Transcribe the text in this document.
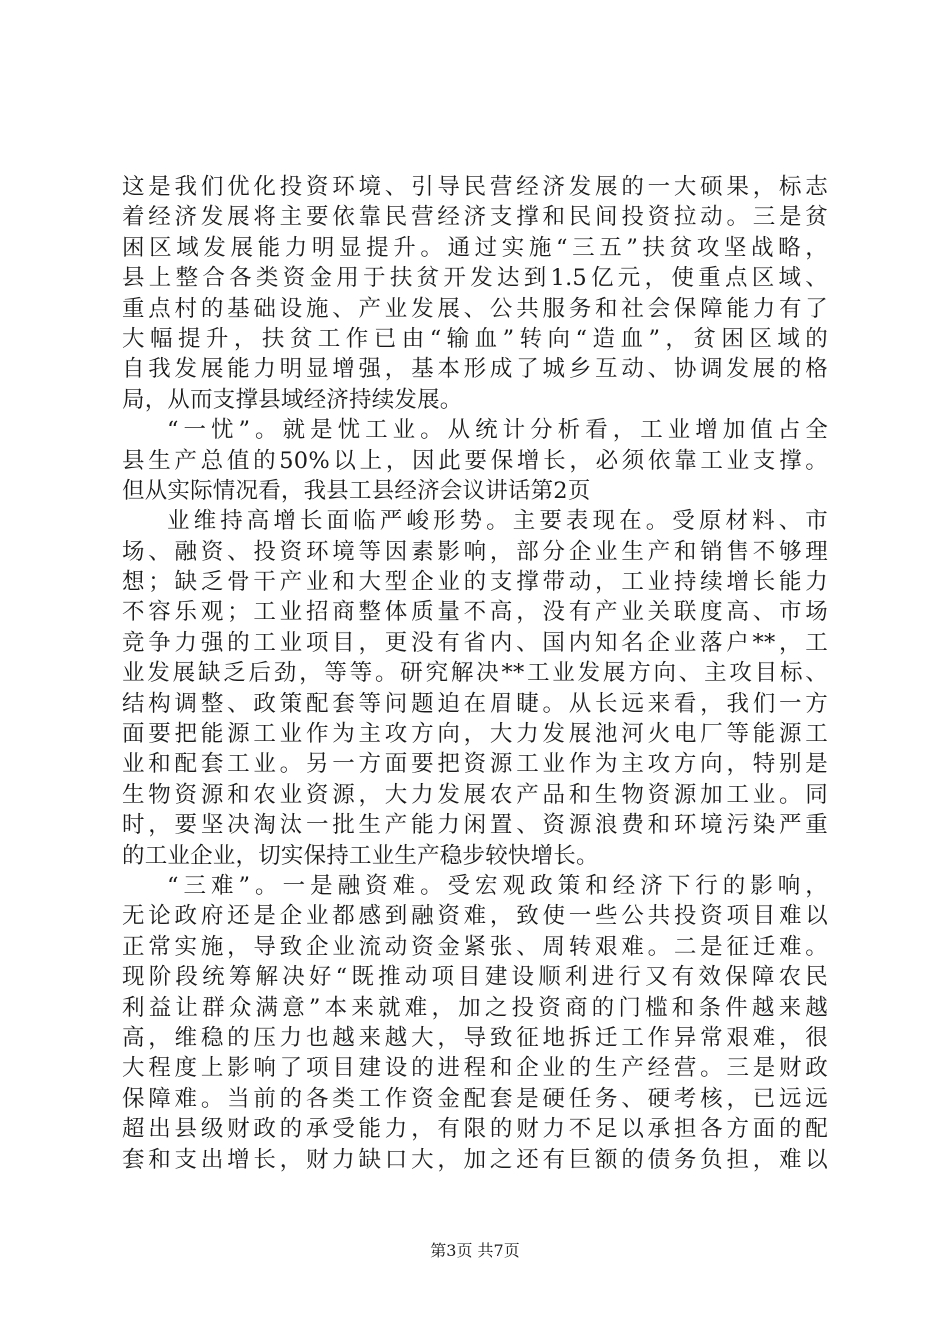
这是我们优化投资环境、引导民营经济发展的一大硕果，标志
着经济发展将主要依靠民营经济支撑和民间投资拉动。三是贫
困区域发展能力明显提升。通过实施“三五”扶贫攻坚战略，
县上整合各类资金用于扶贫开发达到1.5亿元，使重点区域、
重点村的基础设施、产业发展、公共服务和社会保障能力有了
大幅提升，扶贫工作已由“输血”转向“造血”，贫困区域的
自我发展能力明显增强，基本形成了城乡互动、协调发展的格
局，从而支撑县域经济持续发展。
“一忧”。就是忧工业。从统计分析看，工业增加值占全
县生产总值的50%以上，因此要保增长，必须依靠工业支撑。
但从实际情况看，我县工县经济会议讲话第2页
业维持高增长面临严峻形势。主要表现在。受原材料、市
场、融资、投资环境等因素影响，部分企业生产和销售不够理
想；缺乏骨干产业和大型企业的支撑带动，工业持续增长能力
不容乐观；工业招商整体质量不高，没有产业关联度高、市场
竞争力强的工业项目，更没有省内、国内知名企业落户**，工
业发展缺乏后劲，等等。研究解决**工业发展方向、主攻目标、
结构调整、政策配套等问题迫在眉睫。从长远来看，我们一方
面要把能源工业作为主攻方向，大力发展池河火电厂等能源工
业和配套工业。另一方面要把资源工业作为主攻方向，特别是
生物资源和农业资源，大力发展农产品和生物资源加工业。同
时，要坚决淘汰一批生产能力闲置、资源浪费和环境污染严重
的工业企业，切实保持工业生产稳步较快增长。
“三难”。一是融资难。受宏观政策和经济下行的影响，
无论政府还是企业都感到融资难，致使一些公共投资项目难以
正常实施，导致企业流动资金紧张、周转艰难。二是征迁难。
现阶段统筹解决好“既推动项目建设顺利进行又有效保障农民
利益让群众满意”本来就难，加之投资商的门槛和条件越来越
高，维稳的压力也越来越大，导致征地拆迁工作异常艰难，很
大程度上影响了项目建设的进程和企业的生产经营。三是财政
保障难。当前的各类工作资金配套是硬任务、硬考核，已远远
超出县级财政的承受能力，有限的财力不足以承担各方面的配
套和支出增长，财力缺口大，加之还有巨额的债务负担，难以
第3页 共7页
